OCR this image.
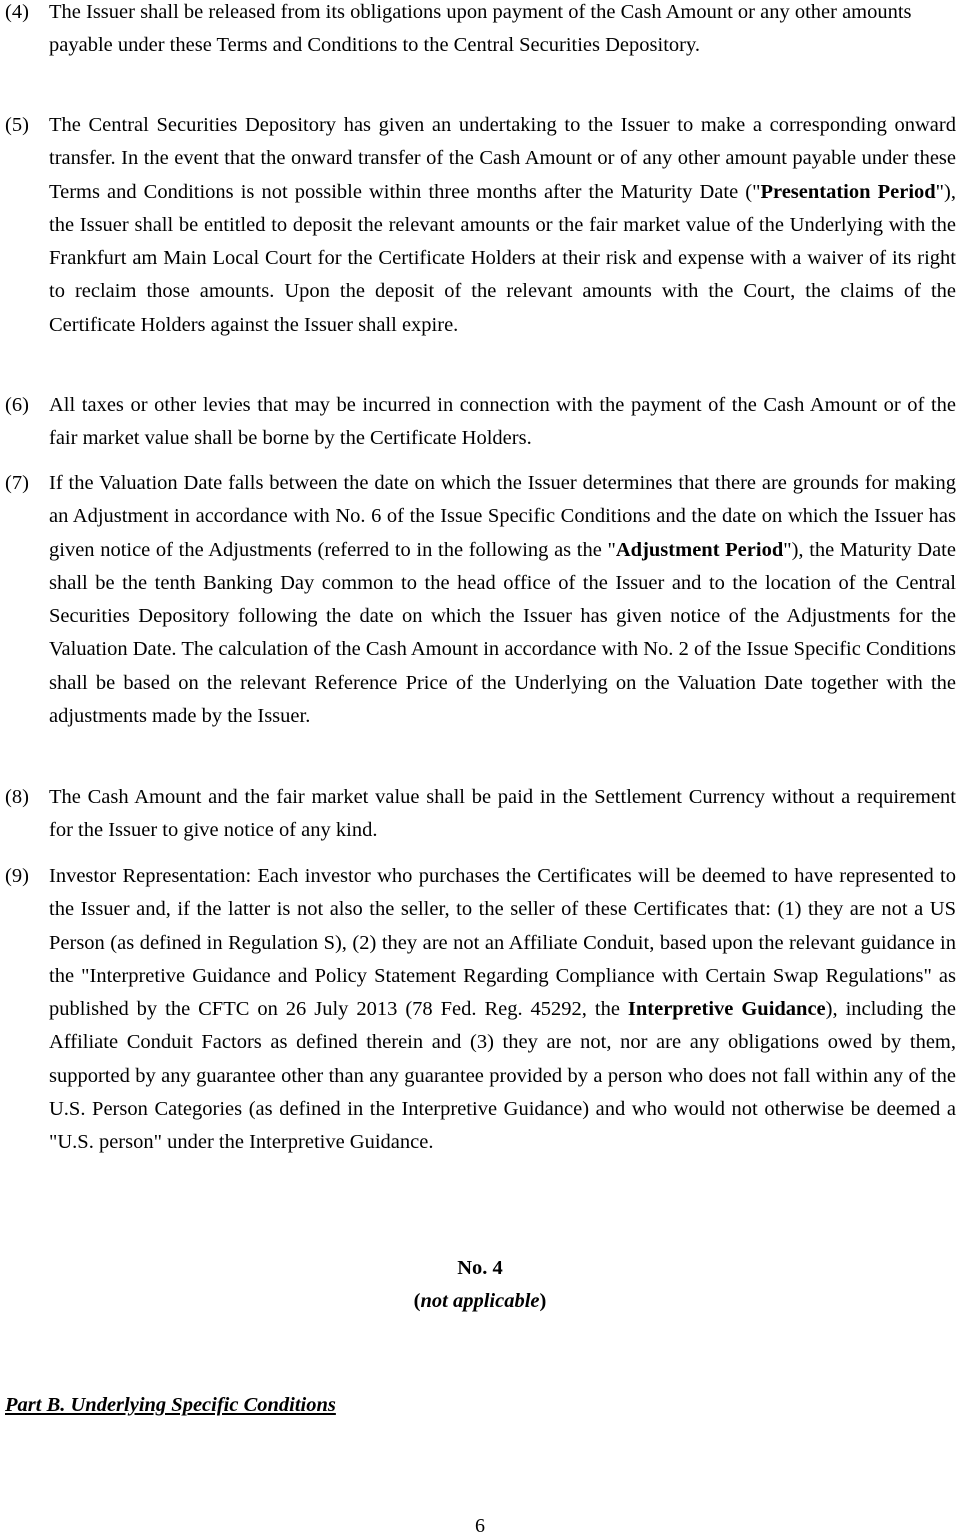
(4) The Issuer shall be released from its obligations upon payment of the Cash Amount or any other amounts payable under these Terms and Conditions to the Central Securities Depository.
(5) The Central Securities Depository has given an undertaking to the Issuer to make a corresponding onward transfer. In the event that the onward transfer of the Cash Amount or of any other amount payable under these Terms and Conditions is not possible within three months after the Maturity Date ("Presentation Period"), the Issuer shall be entitled to deposit the relevant amounts or the fair market value of the Underlying with the Frankfurt am Main Local Court for the Certificate Holders at their risk and expense with a waiver of its right to reclaim those amounts. Upon the deposit of the relevant amounts with the Court, the claims of the Certificate Holders against the Issuer shall expire.
(6) All taxes or other levies that may be incurred in connection with the payment of the Cash Amount or of the fair market value shall be borne by the Certificate Holders.
(7) If the Valuation Date falls between the date on which the Issuer determines that there are grounds for making an Adjustment in accordance with No. 6 of the Issue Specific Conditions and the date on which the Issuer has given notice of the Adjustments (referred to in the following as the "Adjustment Period"), the Maturity Date shall be the tenth Banking Day common to the head office of the Issuer and to the location of the Central Securities Depository following the date on which the Issuer has given notice of the Adjustments for the Valuation Date. The calculation of the Cash Amount in accordance with No. 2 of the Issue Specific Conditions shall be based on the relevant Reference Price of the Underlying on the Valuation Date together with the adjustments made by the Issuer.
(8) The Cash Amount and the fair market value shall be paid in the Settlement Currency without a requirement for the Issuer to give notice of any kind.
(9) Investor Representation: Each investor who purchases the Certificates will be deemed to have represented to the Issuer and, if the latter is not also the seller, to the seller of these Certificates that: (1) they are not a US Person (as defined in Regulation S), (2) they are not an Affiliate Conduit, based upon the relevant guidance in the "Interpretive Guidance and Policy Statement Regarding Compliance with Certain Swap Regulations" as published by the CFTC on 26 July 2013 (78 Fed. Reg. 45292, the Interpretive Guidance), including the Affiliate Conduit Factors as defined therein and (3) they are not, nor are any obligations owed by them, supported by any guarantee other than any guarantee provided by a person who does not fall within any of the U.S. Person Categories (as defined in the Interpretive Guidance) and who would not otherwise be deemed a "U.S. person" under the Interpretive Guidance.
No. 4
(not applicable)
Part B. Underlying Specific Conditions
6
